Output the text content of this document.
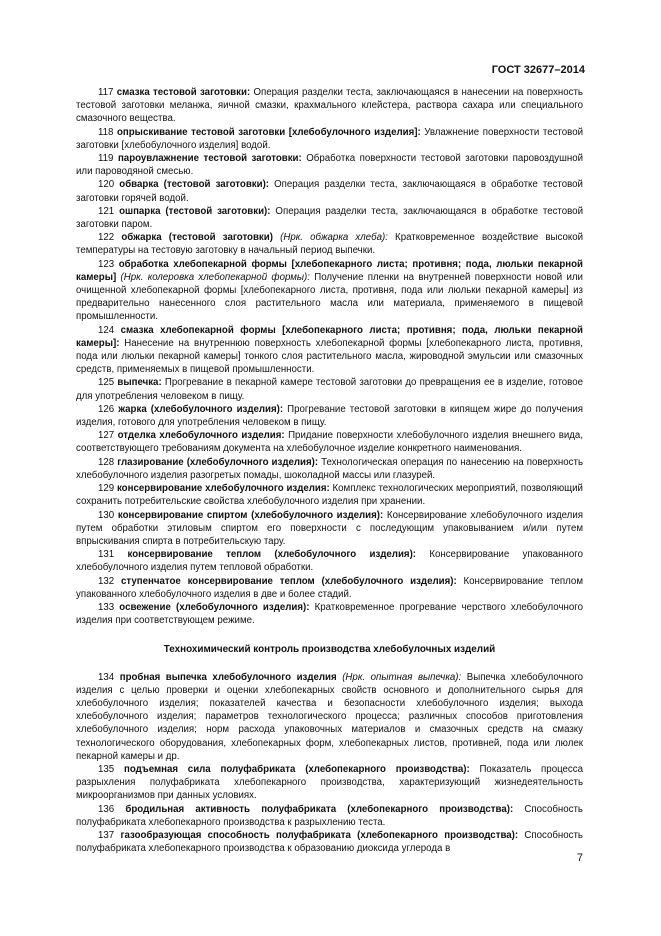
ГОСТ 32677–2014

117 смазка тестовой заготовки: Операция разделки теста, заключающаяся в нанесении на поверхность тестовой заготовки меланжа, яичной смазки, крахмального клейстера, раствора сахара или специального смазочного вещества.

118 опрыскивание тестовой заготовки [хлебобулочного изделия]: Увлажнение поверхности тестовой заготовки [хлебобулочного изделия] водой.

119 пароувлажнение тестовой заготовки: Обработка поверхности тестовой заготовки паровоздушной или пароводяной смесью.

120 обварка (тестовой заготовки): Операция разделки теста, заключающаяся в обработке тестовой заготовки горячей водой.

121 ошпарка (тестовой заготовки): Операция разделки теста, заключающаяся в обработке тестовой заготовки паром.

122 обжарка (тестовой заготовки) (Нрк. обжарка хлеба): Кратковременное воздействие высокой температуры на тестовую заготовку в начальный период выпечки.

123 обработка хлебопекарной формы [хлебопекарного листа; противня; пода, люльки пекарной камеры] (Нрк. колеровка хлебопекарной формы): Получение пленки на внутренней поверхности новой или очищенной хлебопекарной формы [хлебопекарного листа, противня, пода или люльки пекарной камеры] из предварительно нанесенного слоя растительного масла или материала, применяемого в пищевой промышленности.

124 смазка хлебопекарной формы [хлебопекарного листа; противня; пода, люльки пекарной камеры]: Нанесение на внутреннюю поверхность хлебопекарной формы [хлебопекарного листа, противня, пода или люльки пекарной камеры] тонкого слоя растительного масла, жироводной эмульсии или смазочных средств, применяемых в пищевой промышленности.

125 выпечка: Прогревание в пекарной камере тестовой заготовки до превращения ее в изделие, готовое для употребления человеком в пищу.

126 жарка (хлебобулочного изделия): Прогревание тестовой заготовки в кипящем жире до получения изделия, готового для употребления человеком в пищу.

127 отделка хлебобулочного изделия: Придание поверхности хлебобулочного изделия внешнего вида, соответствующего требованиям документа на хлебобулочное изделие конкретного наименования.

128 глазирование (хлебобулочного изделия): Технологическая операция по нанесению на поверхность хлебобулочного изделия разогретых помады, шоколадной массы или глазурей.

129 консервирование хлебобулочного изделия: Комплекс технологических мероприятий, позволяющий сохранить потребительские свойства хлебобулочного изделия при хранении.

130 консервирование спиртом (хлебобулочного изделия): Консервирование хлебобулочного изделия путем обработки этиловым спиртом его поверхности с последующим упаковыванием и/или путем впрыскивания спирта в потребительскую тару.

131 консервирование теплом (хлебобулочного изделия): Консервирование упакованного хлебобулочного изделия путем тепловой обработки.

132 ступенчатое консервирование теплом (хлебобулочного изделия): Консервирование теплом упакованного хлебобулочного изделия в две и более стадий.

133 освежение (хлебобулочного изделия): Кратковременное прогревание черствого хлебобулочного изделия при соответствующем режиме.

Технохимический контроль производства хлебобулочных изделий

134 пробная выпечка хлебобулочного изделия (Нрк. опытная выпечка): Выпечка хлебобулочного изделия с целью проверки и оценки хлебопекарных свойств основного и дополнительного сырья для хлебобулочного изделия; показателей качества и безопасности хлебобулочного изделия; выхода хлебобулочного изделия; параметров технологического процесса; различных способов приготовления хлебобулочного изделия; норм расхода упаковочных материалов и смазочных средств на смазку технологического оборудования, хлебопекарных форм, хлебопекарных листов, противней, пода или люлек пекарной камеры и др.

135 подъемная сила полуфабриката (хлебопекарного производства): Показатель процесса разрыхления полуфабриката хлебопекарного производства, характеризующий жизнедеятельность микроорганизмов при данных условиях.

136 бродильная активность полуфабриката (хлебопекарного производства): Способность полуфабриката хлебопекарного производства к разрыхлению теста.

137 газообразующая способность полуфабриката (хлебопекарного производства): Способность полуфабриката хлебопекарного производства к образованию диоксида углерода в

7
